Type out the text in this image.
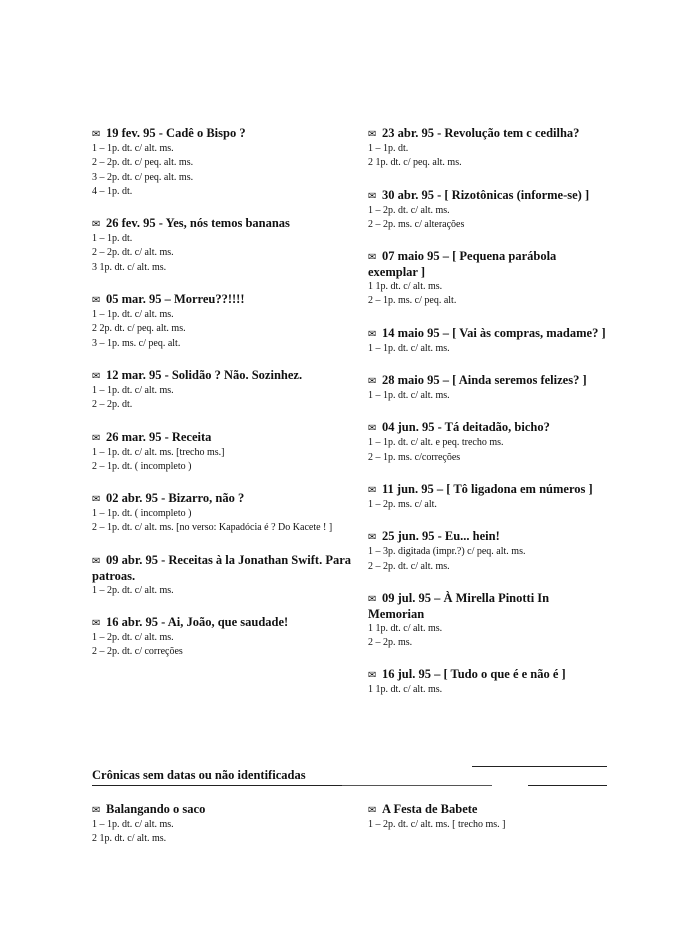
✉ 19 fev. 95 - Cadê o Bispo ?
1 – 1p. dt. c/ alt. ms.
2 – 2p. dt. c/ peq. alt. ms.
3 – 2p. dt. c/ peq. alt. ms.
4 – 1p. dt.
✉ 26 fev. 95 - Yes, nós temos bananas
1 – 1p. dt.
2 – 2p. dt. c/ alt. ms.
3 1p. dt. c/ alt. ms.
✉ 05 mar. 95 – Morreu??!!!!
1 – 1p. dt. c/ alt. ms.
2 2p. dt. c/ peq. alt. ms.
3 – 1p. ms. c/ peq. alt.
✉ 12 mar. 95 - Solidão ? Não. Sozinhez.
1 – 1p. dt. c/ alt. ms.
2 – 2p. dt.
✉ 26 mar. 95 - Receita
1 – 1p. dt. c/ alt. ms. [trecho ms.]
2 – 1p. dt. ( incompleto )
✉ 02 abr. 95 - Bizarro, não ?
1 – 1p. dt. ( incompleto )
2 – 1p. dt. c/ alt. ms. [no verso: Kapadócia é ? Do Kacete ! ]
✉ 09 abr. 95 - Receitas à la Jonathan Swift. Para patroas.
1 – 2p. dt. c/ alt. ms.
✉ 16 abr. 95 - Ai, João, que saudade!
1 – 2p. dt. c/ alt. ms.
2 – 2p. dt. c/ correções
✉ 23 abr. 95 - Revolução tem c cedilha?
1 – 1p. dt.
2 1p. dt. c/ peq. alt. ms.
✉ 30 abr. 95 - [ Rizotônicas (informe-se) ]
1 – 2p. dt. c/ alt. ms.
2 – 2p. ms. c/ alterações
✉ 07 maio 95 – [ Pequena parábola exemplar ]
1 1p. dt. c/ alt. ms.
2 – 1p. ms. c/ peq. alt.
✉ 14 maio 95 – [ Vai às compras, madame? ]
1 – 1p. dt. c/ alt. ms.
✉ 28 maio 95 – [ Ainda seremos felizes? ]
1 – 1p. dt. c/ alt. ms.
✉ 04 jun. 95 - Tá deitadão, bicho?
1 – 1p. dt. c/ alt. e peq. trecho ms.
2 – 1p. ms. c/correções
✉ 11 jun. 95 – [ Tô ligadona em números ]
1 – 2p. ms. c/ alt.
✉ 25 jun. 95 - Eu... hein!
1 – 3p. digitada (impr.?) c/ peq. alt. ms.
2 – 2p. dt. c/ alt. ms.
✉ 09 jul. 95 – À Mirella Pinotti In Memorian
1 1p. dt. c/ alt. ms.
2 – 2p. ms.
✉ 16 jul. 95 – [ Tudo o que é e não é ]
1 1p. dt. c/ alt. ms.
Crônicas sem datas ou não identificadas
✉ Balangando o saco
1 – 1p. dt. c/ alt. ms.
2 1p. dt. c/ alt. ms.
✉ A Festa de Babete
1 – 2p. dt. c/ alt. ms. [ trecho ms. ]
